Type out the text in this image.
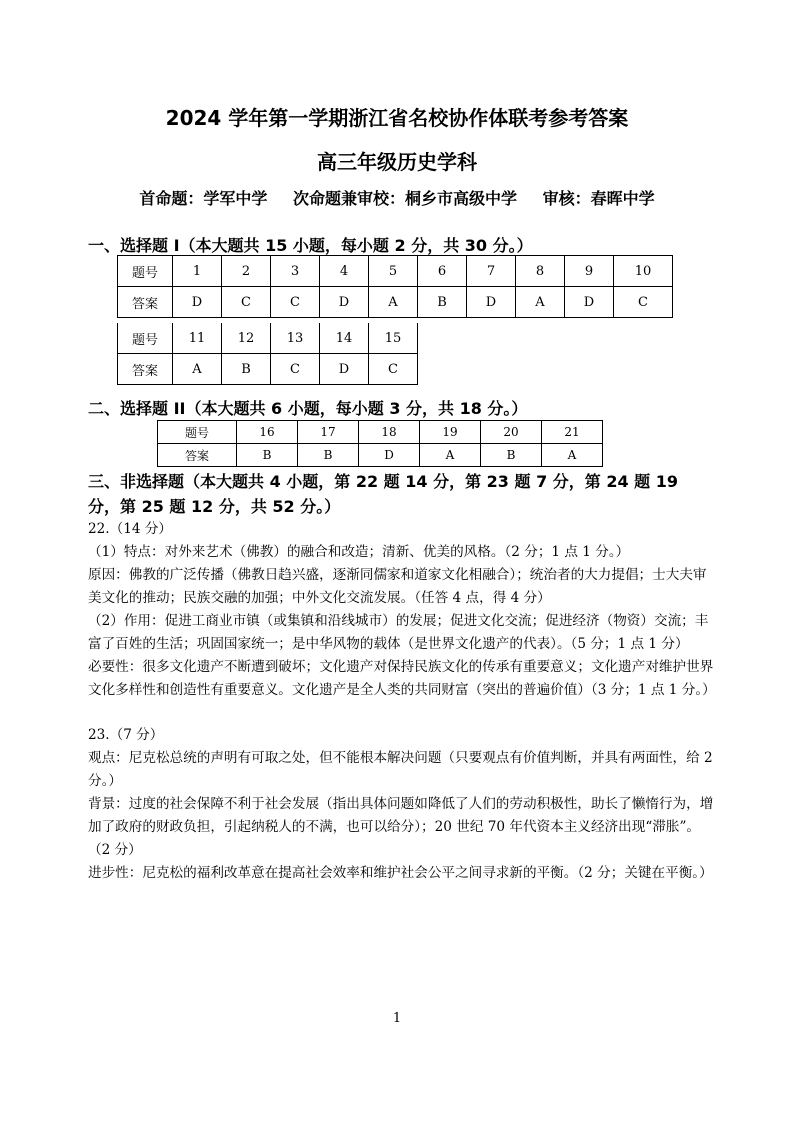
2024 学年第一学期浙江省名校协作体联考参考答案
高三年级历史学科
首命题：学军中学 次命题兼审校：桐乡市高级中学 审核：春晖中学
一、选择题 I（本大题共 15 小题，每小题 2 分，共 30 分。）
题号	1	2	3	4	5	6	7	8	9	10
答案	D	C	C	D	A	B	D	A	D	C
题号	11	12	13	14	15
答案	A	B	C	D	C
二、选择题 II（本大题共 6 小题，每小题 3 分，共 18 分。）
题号	16	17	18	19	20	21
答案	B	B	D	A	B	A
三、非选择题（本大题共 4 小题，第 22 题 14 分，第 23 题 7 分，第 24 题 19 分，第 25 题 12 分，共 52 分。）

22.（14 分）

（1）特点：对外来艺术（佛教）的融合和改造；清新、优美的风格。（2 分；1 点 1 分。）

原因：佛教的广泛传播（佛教日趋兴盛，逐渐同儒家和道家文化相融合）；统治者的大力提倡；士大夫审美文化的推动；民族交融的加强；中外文化交流发展。（任答 4 点，得 4 分）

（2）作用：促进工商业市镇（或集镇和沿线城市）的发展；促进文化交流；促进经济（物资）交流；丰富了百姓的生活；巩固国家统一；是中华风物的载体（是世界文化遗产的代表）。（5 分；1 点 1 分）

必要性：很多文化遗产不断遭到破坏；文化遗产对保持民族文化的传承有重要意义；文化遗产对维护世界文化多样性和创造性有重要意义。文化遗产是全人类的共同财富（突出的普遍价值）（3 分；1 点 1 分。）

23.（7 分）

观点：尼克松总统的声明有可取之处，但不能根本解决问题（只要观点有价值判断，并具有两面性，给 2 分。）

背景：过度的社会保障不利于社会发展（指出具体问题如降低了人们的劳动积极性，助长了懒惰行为，增加了政府的财政负担，引起纳税人的不满，也可以给分）；20 世纪 70 年代资本主义经济出现“滞胀”。（2 分）

进步性：尼克松的福利改革意在提高社会效率和维护社会公平之间寻求新的平衡。（2 分；关键在平衡。）

1
